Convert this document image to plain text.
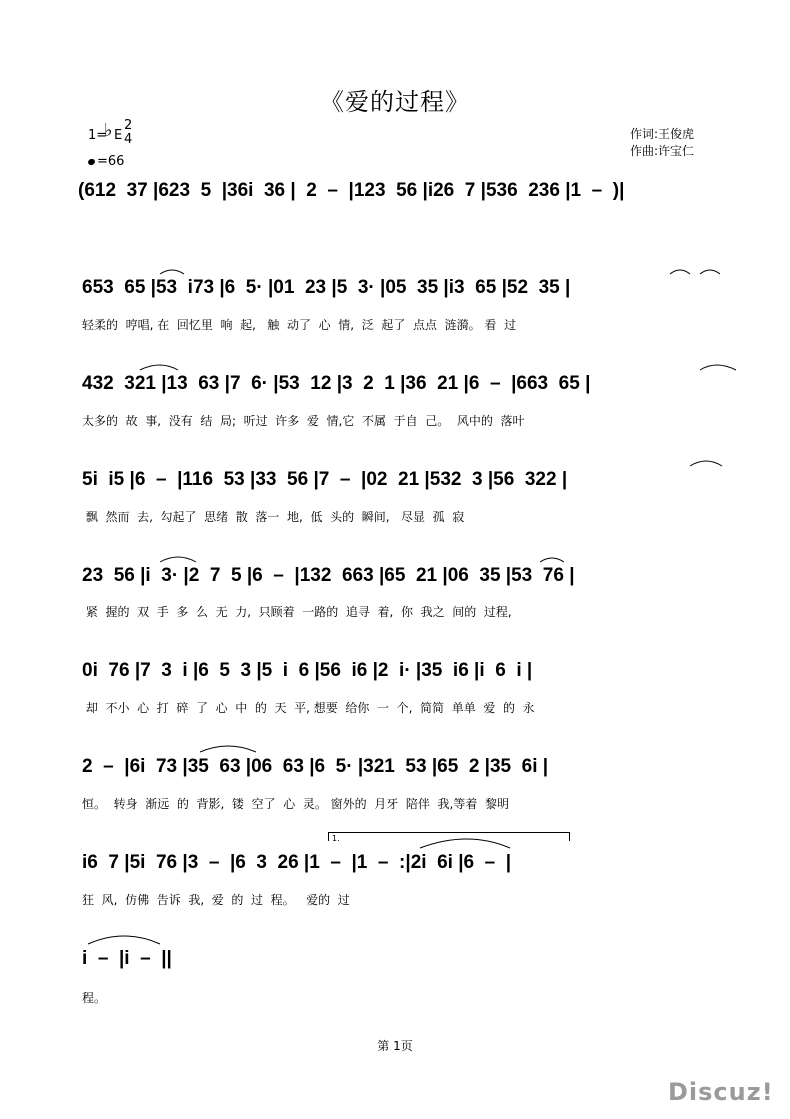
《爱的过程》
1=
♭ E
2
4
=66
作词:王俊虎
作曲:许宝仁
(612  37 |623  5  |36i  36 |  2  –  |123  56 |i26  7 |536  236 |1  –  )|
653  65 |53  i73 |6  5· |01  23 |5  3· |05  35 |i3  65 |52  35 |
轻柔的  哼唱, 在  回忆里  响  起,   触  动了  心  情,  泛  起了  点点  涟漪。 看  过
432  321 |13  63 |7  6· |53  12 |3  2  1 |36  21 |6  –  |663  65 |
太多的  故  事,  没有  结  局;  听过  许多  爱  情,它  不属  于自  己。  风中的  落叶
5i  i5 |6  –  |116  53 |33  56 |7  –  |02  21 |532  3 |56  322 |
飘  然而  去,  勾起了  思绪  散  落一  地,  低  头的  瞬间,   尽显  孤  寂
23  56 |i  3· |2  7  5 |6  –  |132  663 |65  21 |06  35 |53  76 |
紧  握的  双  手  多  么  无  力,  只顾着  一路的  追寻  着,  你  我之  间的  过程,
0i  76 |7  3  i |6  5  3 |5  i  6 |56  i6 |2  i· |35  i6 |i  6  i |
却  不小  心  打  碎  了  心  中  的  天  平, 想要  给你  一  个,  简简  单单  爱  的  永
2  –  |6i  73 |35  63 |06  63 |6  5· |321  53 |65  2 |35  6i |
恒。  转身  渐远  的  背影,  镂  空了  心  灵。 窗外的  月牙  陪伴  我,等着  黎明
1.
i6  7 |5i  76 |3  –  |6  3  26 |1  –  |1  –  :|2i  6i |6  –  |
狂  风,  仿佛  告诉  我,  爱  的  过  程。   爱的  过
i  –  |i  –  ||
程。
第 1页
Discuz!
